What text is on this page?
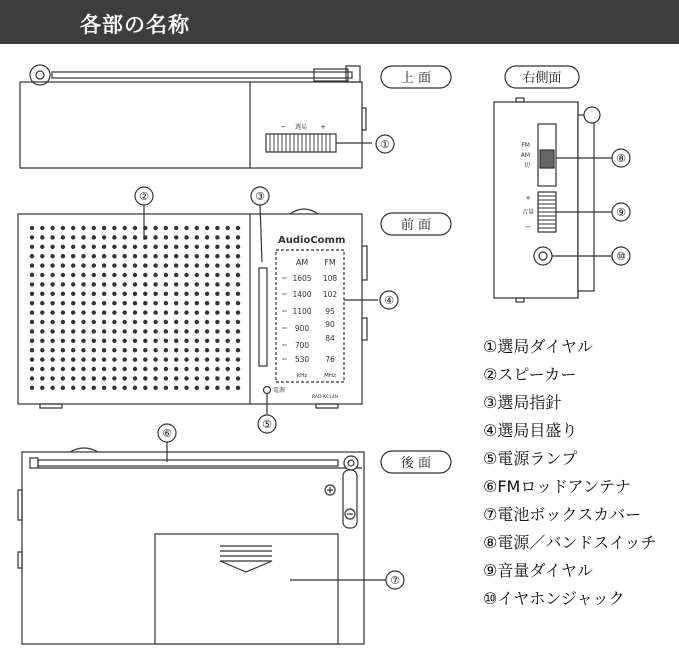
各部の名称
上 面	右側面
前 面
後 面
①
②	③
④
⑤
⑥
⑦
⑧
⑨
⑩
− 選局 +
FM
AM
切
+
音量
−
AudioComm
AM FM
1605
1400
1100
900
700
530
108
102
95
90
84
76
kHz	MHz
電源
RAD-KC14N
①選局ダイヤル
②スピーカー
③選局指針
④選局目盛り
⑤電源ランプ
⑥FMロッドアンテナ
⑦電池ボックスカバー
⑧電源／バンドスイッチ
⑨音量ダイヤル
⑩イヤホンジャック
